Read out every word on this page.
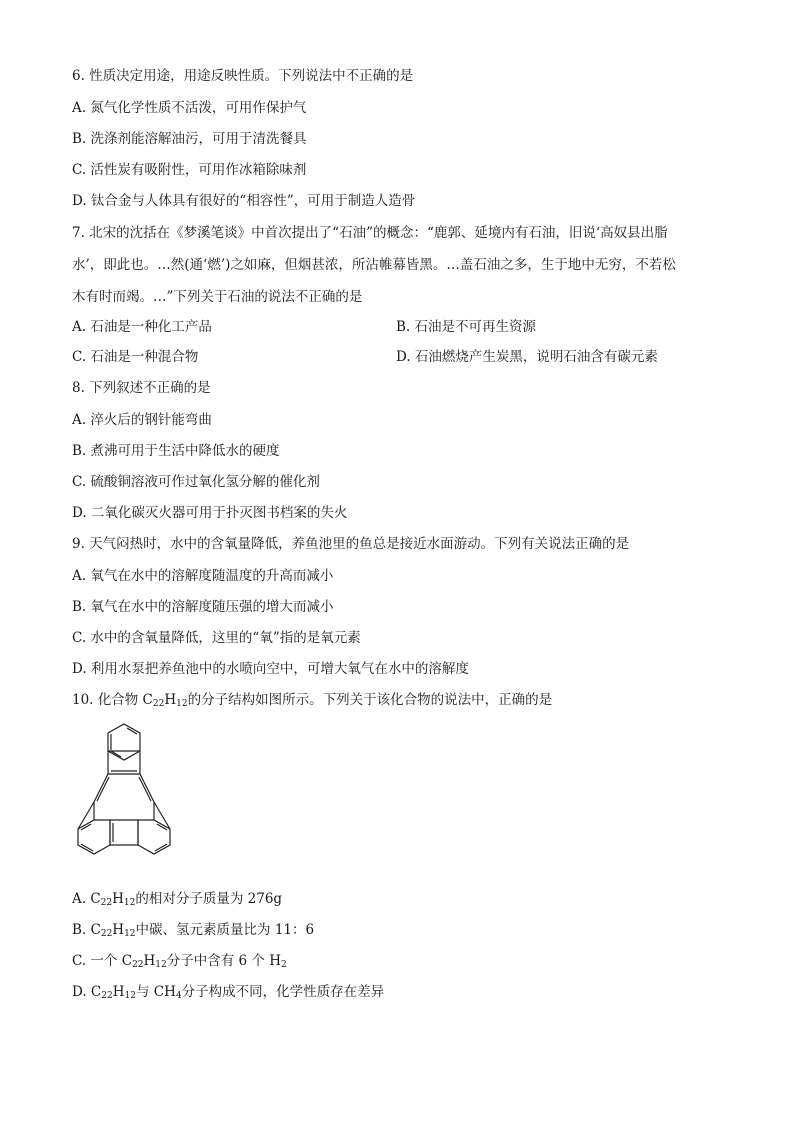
6. 性质决定用途，用途反映性质。下列说法中不正确的是
A. 氮气化学性质不活泼，可用作保护气
B. 洗涤剂能溶解油污，可用于清洗餐具
C. 活性炭有吸附性，可用作冰箱除味剂
D. 钛合金与人体具有很好的“相容性”，可用于制造人造骨
7. 北宋的沈括在《梦溪笔谈》中首次提出了“石油”的概念：“鹿郭、延境内有石油，旧说‘高奴县出脂
水’，即此也。…然(通‘燃’)之如麻，但烟甚浓，所沾帷幕皆黑。…盖石油之多，生于地中无穷，不若松
木有时而竭。…”下列关于石油的说法不正确的是
A. 石油是一种化工产品	B. 石油是不可再生资源
C. 石油是一种混合物	D. 石油燃烧产生炭黑，说明石油含有碳元素
8. 下列叙述不正确的是
A. 淬火后的钢针能弯曲
B. 煮沸可用于生活中降低水的硬度
C. 硫酸铜溶液可作过氧化氢分解的催化剂
D. 二氧化碳灭火器可用于扑灭图书档案的失火
9. 天气闷热时，水中的含氧量降低，养鱼池里的鱼总是接近水面游动。下列有关说法正确的是
A. 氧气在水中的溶解度随温度的升高而减小
B. 氧气在水中的溶解度随压强的增大而减小
C. 水中的含氧量降低，这里的“氧”指的是氧元素
D. 利用水泵把养鱼池中的水喷向空中，可增大氧气在水中的溶解度
10. 化合物 $C_{22}H_{12}$的分子结构如图所示。下列关于该化合物的说法中，正确的是
A. $C_{22}H_{12}$的相对分子质量为 276g
B. $C_{22}H_{12}$中碳、氢元素质量比为 11：6
C. 一个 $C_{22}H_{12}$分子中含有 6 个 $H_2$
D. $C_{22}H_{12}$与 $CH_4$分子构成不同，化学性质存在差异
